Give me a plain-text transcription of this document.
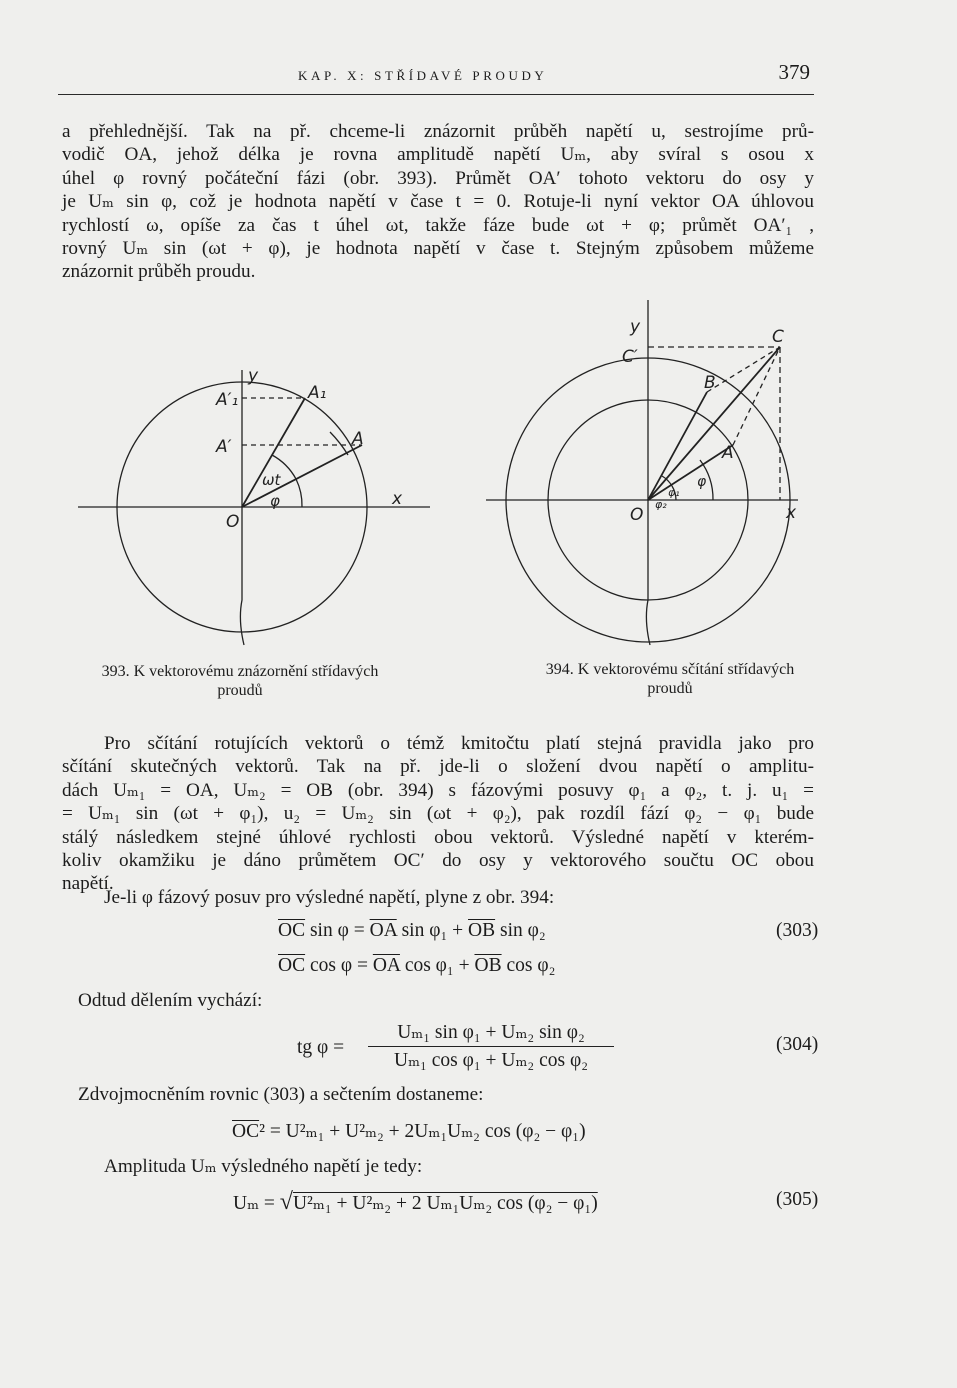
KAP. X: STŘÍDAVÉ PROUDY	379
a přehlednější. Tak na př. chceme-li znázornit průběh napětí u, sestrojíme prů-
vodič OA, jehož délka je rovna amplitudě napětí Uₘ, aby svíral s osou x
úhel φ rovný počáteční fázi (obr. 393). Průmět OA′ tohoto vektoru do osy y
je Uₘ sin φ, což je hodnota napětí v čase t = 0. Rotuje-li nyní vektor OA úhlovou
rychlostí ω, opíše za čas t úhel ωt, takže fáze bude ωt + φ; průmět OA′₁ ,
rovný Uₘ sin (ωt + φ), je hodnota napětí v čase t. Stejným způsobem můžeme
znázornit průběh proudu.
y
x
O
A′₁	A₁
A′	A
ωt
φ
393. K vektorovému znázornění střídavých
proudů
y
x
O
C
C′
B
A
φ
φ₁
φ₂
394. K vektorovému sčítání střídavých
proudů
Pro sčítání rotujících vektorů o témž kmitočtu platí stejná pravidla jako pro
sčítání skutečných vektorů. Tak na př. jde-li o složení dvou napětí o amplitu-
dách Uₘ₁ = OA, Uₘ₂ = OB (obr. 394) s fázovými posuvy φ₁ a φ₂, t. j. u₁ =
= Uₘ₁ sin (ωt + φ₁), u₂ = Uₘ₂ sin (ωt + φ₂), pak rozdíl fází φ₂ − φ₁ bude
stálý následkem stejné úhlové rychlosti obou vektorů. Výsledné napětí v kterém-
koliv okamžiku je dáno průmětem OC′ do osy y vektorového součtu OC obou
napětí.
Je-li φ fázový posuv pro výsledné napětí, plyne z obr. 394:
$\overline{OC}$ $\sin \varphi = \overline{OA}$ $\sin \varphi_1 + \overline{OB}$ sin φ₂
$\overline{OC}$ $\cos \varphi = \overline{OA}$ $\cos \varphi_1 + \overline{OB}$ cos φ₂
(303)
Odtud dělením vychází:
tg φ =
Uₘ₁ sin φ₁ + Uₘ₂ sin φ₂
Uₘ₁ cos φ₁ + Uₘ₂ cos φ₂
(304)
Zdvojmocněním rovnic (303) a sečtením dostaneme:
$\overline{OC}^2 = U^2_{m1} + U^2_{m2} + 2U_{m1}U_{m2}$ cos (φ₂ − φ₁)
Amplituda Uₘ výsledného napětí je tedy:
Uₘ = √U²ₘ₁ + U²ₘ₂ + 2 Uₘ₁Uₘ₂ cos (φ₂ − φ₁)	(305)
